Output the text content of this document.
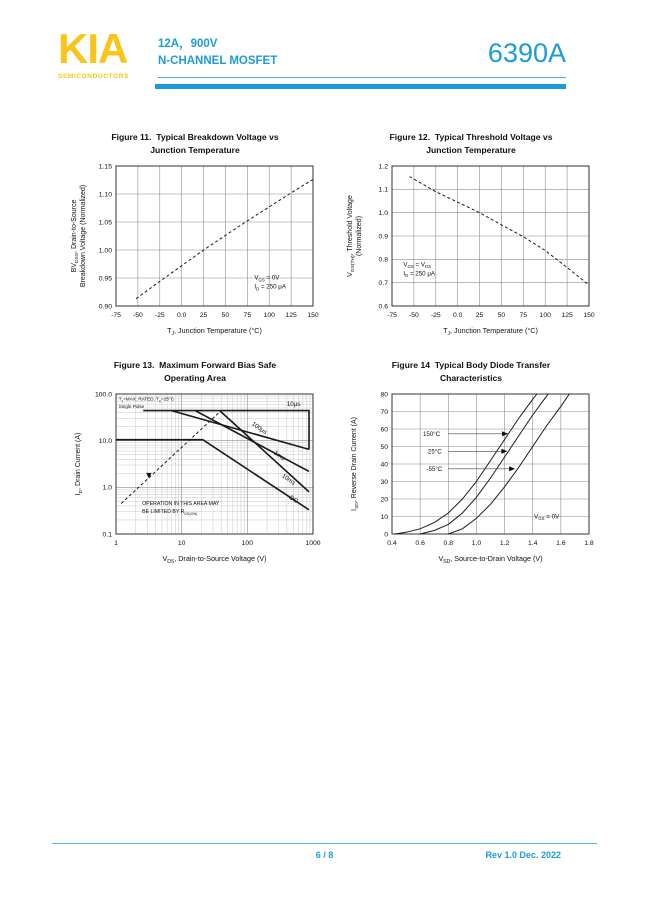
KIA
SEMICONDUCTORS
12A，900V
N-CHANNEL MOSFET	6390A
Figure 11.  Typical Breakdown Voltage vs
Junction Temperature
$V_{GS} = 0V$
$I_D = 250$ μA
-75 -50 -25 0.0 25 50 75 100 125 150
0.90
0.95
1.00
1.05
1.10
1.15
$T_J$, Junction Temperature (°C)
$BV_{DSS}$, Drain-to-Source Breakdown Voltage (Normalized)
Figure 12.  Typical Threshold Voltage vs
Junction Temperature
$V_{GS} = V_{DS}$
$I_D = 250$ μA
-75 -50 -25 0.0 25 50 75 100 125 150
0.6
0.7
0.8
0.9
1.0
1.1
1.2
$T_J$, Junction Temperature (°C)
$V_{GS(TH)}$, Threshold Voltage (Normalized)
Figure 13.  Maximum Forward Bias Safe
Operating Area
$T_J=MAX$. RATED, $T_C=25^\circ C$
Single Pulse	10μs
100μs
1ms
10ms
DC
OPERATION IN THIS AREA MAY
BE LIMITED BY $R_{DS(ON)}$
1	10	100	1000
0.1
1.0
10.0
100.0
$V_{DS}$, Drain-to-Source Voltage (V)
$I_D$, Drain Current (A)
Figure 14  Typical Body Diode Transfer
Characteristics
150°C
25°C
-55°C
$V_{GS} = 0V$
0.4	0.6	0.8	1.0	1.2	1.4	1.6	1.8
0
10
20
30
40
50
60
70
80
$V_{SD}$, Source-to-Drain Voltage (V)
$I_{SD}$, Reverse Drain Current (A)
6 / 8	Rev 1.0 Dec. 2022
